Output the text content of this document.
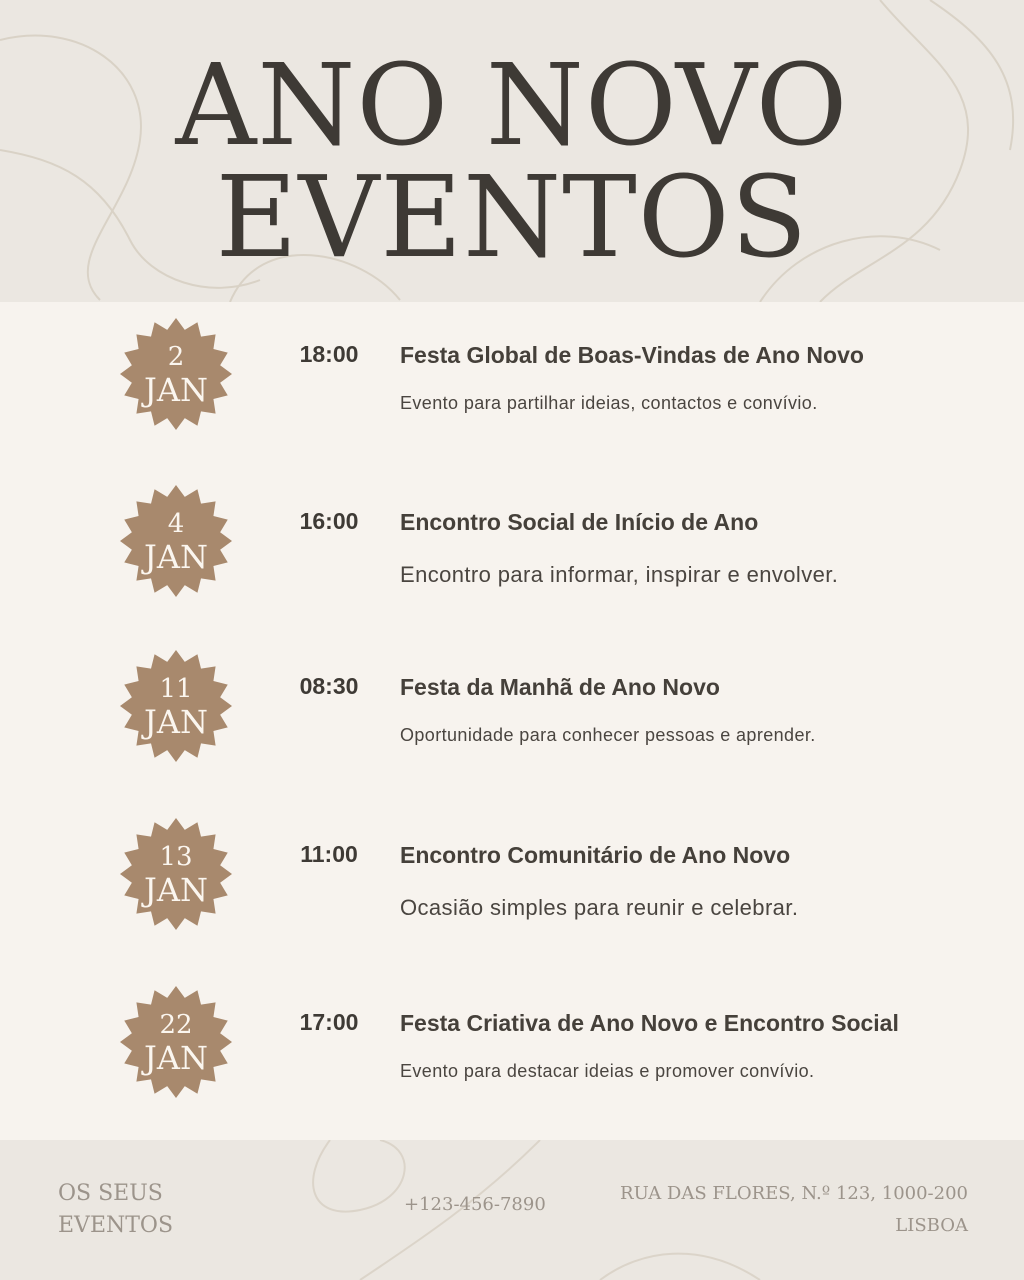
ANO NOVO
EVENTOS
2
JAN
18:00	Festa Global de Boas-Vindas de Ano Novo
Evento para partilhar ideias, contactos e convívio.
4
JAN
16:00	Encontro Social de Início de Ano
Encontro para informar, inspirar e envolver.
11
JAN
08:30	Festa da Manhã de Ano Novo
Oportunidade para conhecer pessoas e aprender.
13
JAN
11:00	Encontro Comunitário de Ano Novo
Ocasião simples para reunir e celebrar.
22
JAN
17:00	Festa Criativa de Ano Novo e Encontro Social
Evento para destacar ideias e promover convívio.
OS SEUS EVENTOS
+123-456-7890
RUA DAS FLORES, N.º 123, 1000-200 LISBOA
